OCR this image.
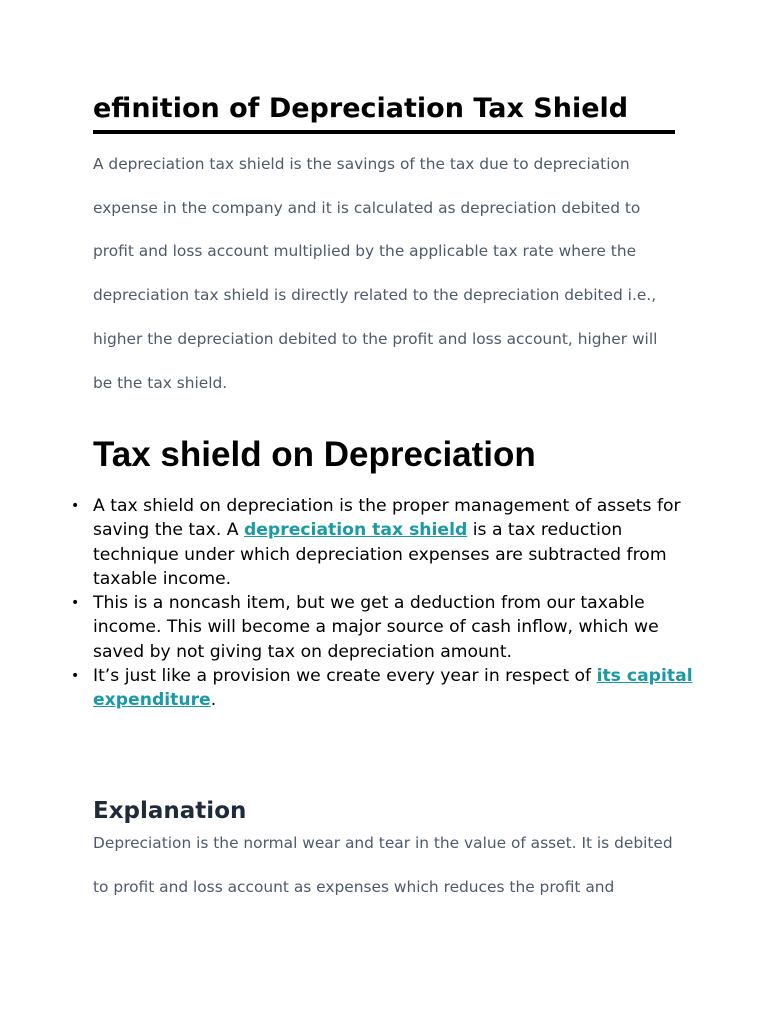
efinition of Depreciation Tax Shield
A depreciation tax shield is the savings of the tax due to depreciation
expense in the company and it is calculated as depreciation debited to
profit and loss account multiplied by the applicable tax rate where the
depreciation tax shield is directly related to the depreciation debited i.e.,
higher the depreciation debited to the profit and loss account, higher will
be the tax shield.
Tax shield on Depreciation
• A tax shield on depreciation is the proper management of assets for
saving the tax. A depreciation tax shield is a tax reduction
technique under which depreciation expenses are subtracted from
taxable income.
• This is a noncash item, but we get a deduction from our taxable
income. This will become a major source of cash inflow, which we
saved by not giving tax on depreciation amount.
• It’s just like a provision we create every year in respect of its capital
expenditure.
Explanation
Depreciation is the normal wear and tear in the value of asset. It is debited
to profit and loss account as expenses which reduces the profit and
